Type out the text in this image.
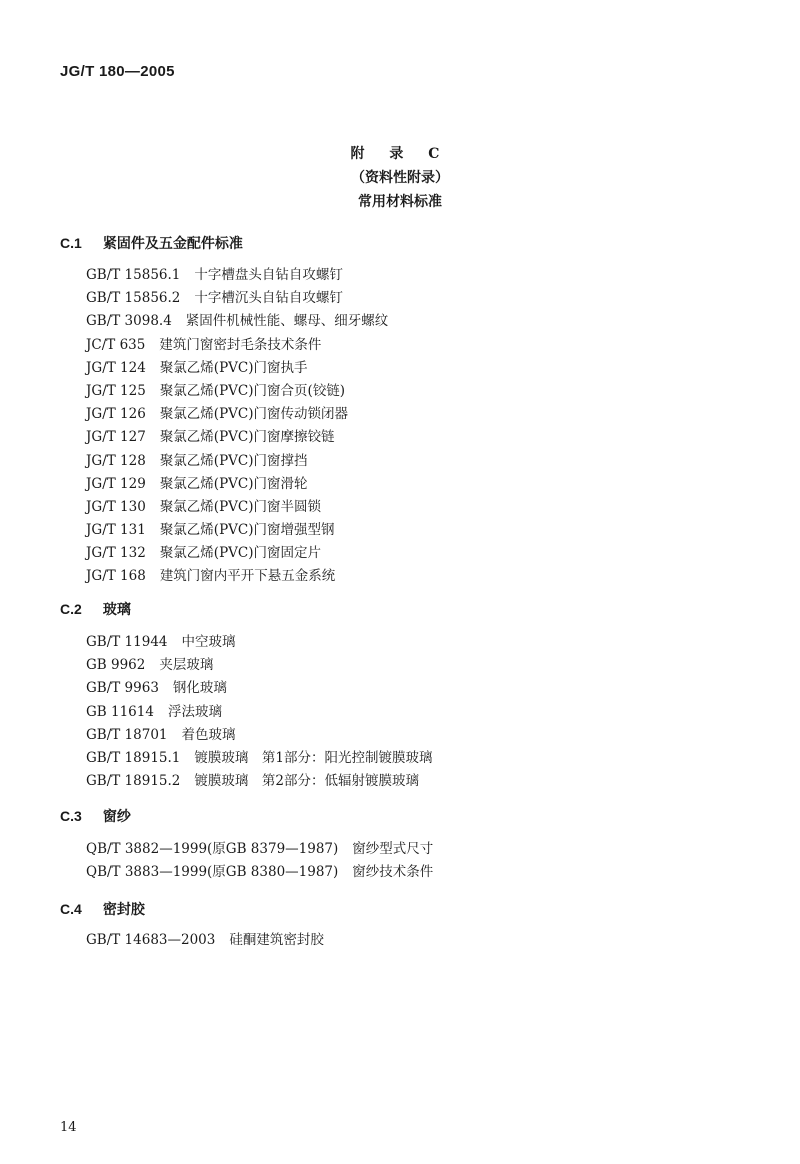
JG/T 180—2005
附 录 C
（资料性附录）
常用材料标准
C.1 紧固件及五金配件标准
GB/T 15856.1 十字槽盘头自钻自攻螺钉
GB/T 15856.2 十字槽沉头自钻自攻螺钉
GB/T 3098.4 紧固件机械性能、螺母、细牙螺纹
JC/T 635 建筑门窗密封毛条技术条件
JG/T 124 聚氯乙烯(PVC)门窗执手
JG/T 125 聚氯乙烯(PVC)门窗合页(铰链)
JG/T 126 聚氯乙烯(PVC)门窗传动锁闭器
JG/T 127 聚氯乙烯(PVC)门窗摩擦铰链
JG/T 128 聚氯乙烯(PVC)门窗撑挡
JG/T 129 聚氯乙烯(PVC)门窗滑轮
JG/T 130 聚氯乙烯(PVC)门窗半圆锁
JG/T 131 聚氯乙烯(PVC)门窗增强型钢
JG/T 132 聚氯乙烯(PVC)门窗固定片
JG/T 168 建筑门窗内平开下悬五金系统
C.2 玻璃
GB/T 11944 中空玻璃
GB 9962 夹层玻璃
GB/T 9963 钢化玻璃
GB 11614 浮法玻璃
GB/T 18701 着色玻璃
GB/T 18915.1 镀膜玻璃　第1部分：阳光控制镀膜玻璃
GB/T 18915.2 镀膜玻璃　第2部分：低辐射镀膜玻璃
C.3 窗纱
QB/T 3882—1999(原GB 8379—1987) 窗纱型式尺寸
QB/T 3883—1999(原GB 8380—1987) 窗纱技术条件
C.4 密封胶
GB/T 14683—2003 硅酮建筑密封胶
14
